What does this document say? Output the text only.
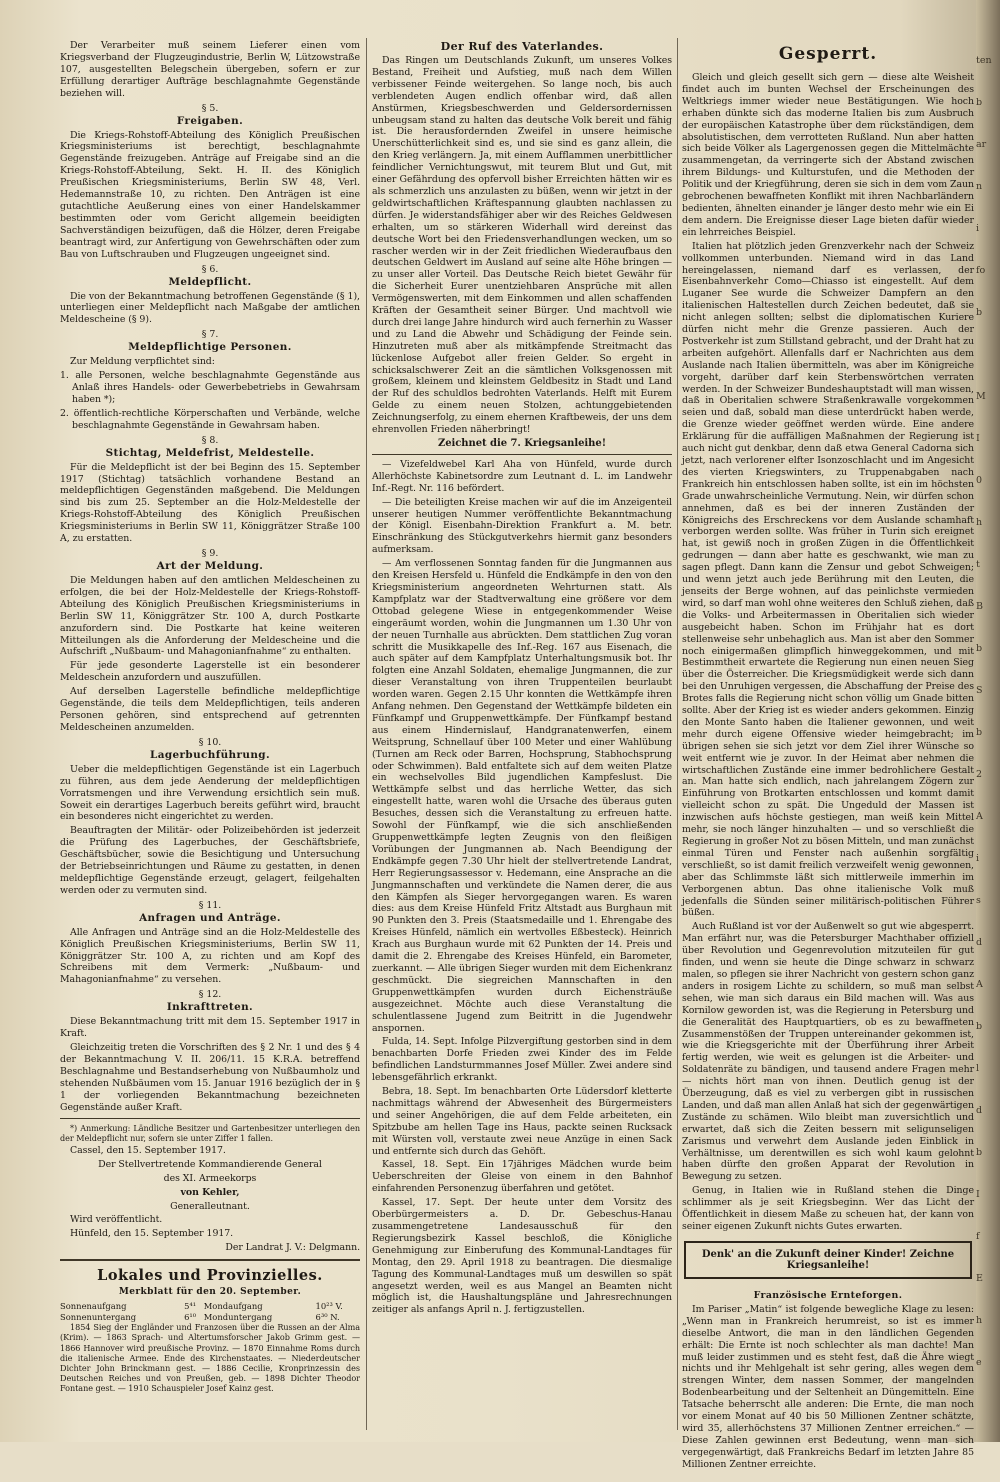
Der Verarbeiter muß seinem Lieferer einen vom Kriegsverband der Flugzeugindustrie, Berlin W, Lützowstraße 107, ausgestellten Belegschein übergeben, sofern er zur Erfüllung derartiger Aufträge beschlagnahmte Gegenstände beziehen will.

§ 5.
Freigaben.

Die Kriegs-Rohstoff-Abteilung des Königlich Preußischen Kriegsministeriums ist berechtigt, beschlagnahmte Gegenstände freizugeben. Anträge auf Freigabe sind an die Kriegs-Rohstoff-Abteilung, Sekt. H. II. des Königlich Preußischen Kriegsministeriums, Berlin SW 48, Verl. Hedemannstraße 10, zu richten. Den Anträgen ist eine gutachtliche Aeußerung eines von einer Handelskammer bestimmten oder vom Gericht allgemein beeidigten Sachverständigen beizufügen, daß die Hölzer, deren Freigabe beantragt wird, zur Anfertigung von Gewehrschäften oder zum Bau von Luftschrauben und Flugzeugen ungeeignet sind.

§ 6.
Meldepflicht.

Die von der Bekanntmachung betroffenen Gegenstände (§ 1), unterliegen einer Meldepflicht nach Maßgabe der amtlichen Meldescheine (§ 9).

§ 7.
Meldepflichtige Personen.

Zur Meldung verpflichtet sind:

1. alle Personen, welche beschlagnahmte Gegenstände aus Anlaß ihres Handels- oder Gewerbebetriebs in Gewahrsam haben *);

2. öffentlich-rechtliche Körperschaften und Verbände, welche beschlagnahmte Gegenstände in Gewahrsam haben.

§ 8.
Stichtag, Meldefrist, Meldestelle.

Für die Meldepflicht ist der bei Beginn des 15. September 1917 (Stichtag) tatsächlich vorhandene Bestand an meldepflichtigen Gegenständen maßgebend. Die Meldungen sind bis zum 25. September an die Holz-Meldestelle der Kriegs-Rohstoff-Abteilung des Königlich Preußischen Kriegsministeriums in Berlin SW 11, Königgrätzer Straße 100 A, zu erstatten.

§ 9.
Art der Meldung.

Die Meldungen haben auf den amtlichen Meldescheinen zu erfolgen, die bei der Holz-Meldestelle der Kriegs-Rohstoff-Abteilung des Königlich Preußischen Kriegsministeriums in Berlin SW 11, Königgrätzer Str. 100 A, durch Postkarte anzufordern sind. Die Postkarte hat keine weiteren Mitteilungen als die Anforderung der Meldescheine und die Aufschrift „Nußbaum- und Mahagonianfnahme“ zu enthalten.

Für jede gesonderte Lagerstelle ist ein besonderer Meldeschein anzufordern und auszufüllen.

Auf derselben Lagerstelle befindliche meldepflichtige Gegenstände, die teils dem Meldepflichtigen, teils anderen Personen gehören, sind entsprechend auf getrennten Meldescheinen anzumelden.

§ 10.
Lagerbuchführung.

Ueber die meldepflichtigen Gegenstände ist ein Lagerbuch zu führen, aus dem jede Aenderung der meldepflichtigen Vorratsmengen und ihre Verwendung ersichtlich sein muß. Soweit ein derartiges Lagerbuch bereits geführt wird, braucht ein besonderes nicht eingerichtet zu werden.

Beauftragten der Militär- oder Polizeibehörden ist jederzeit die Prüfung des Lagerbuches, der Geschäftsbriefe, Geschäftsbücher, sowie die Besichtigung und Untersuchung der Betriebseinrichtungen und Räume zu gestatten, in denen meldepflichtige Gegenstände erzeugt, gelagert, feilgehalten werden oder zu vermuten sind.

§ 11.
Anfragen und Anträge.

Alle Anfragen und Anträge sind an die Holz-Meldestelle des Königlich Preußischen Kriegsministeriums, Berlin SW 11, Königgrätzer Str. 100 A, zu richten und am Kopf des Schreibens mit dem Vermerk: „Nußbaum- und Mahagonianfnahme“ zu versehen.

§ 12.
Inkrafttreten.

Diese Bekanntmachung tritt mit dem 15. September 1917 in Kraft.

Gleichzeitig treten die Vorschriften des § 2 Nr. 1 und des § 4 der Bekanntmachung V. II. 206/11. 15 K.R.A. betreffend Beschlagnahme und Bestandserhebung von Nußbaumholz und stehenden Nußbäumen vom 15. Januar 1916 bezüglich der in § 1 der vorliegenden Bekanntmachung bezeichneten Gegenstände außer Kraft.

*) Anmerkung: Ländliche Besitzer und Gartenbesitzer unterliegen den der Meldepflicht nur, sofern sie unter Ziffer 1 fallen.

Cassel, den 15. September 1917.

Der Stellvertretende Kommandierende General

des XI. Armeekorps

von Kehler,

Generalleutnant.

Wird veröffentlicht.

Hünfeld, den 15. September 1917.

Der Landrat J. V.: Delgmann.

Lokales und Provinzielles.
Merkblatt für den 20. September.
Sonnenaufgang	5⁴¹	Mondaufgang	10²³ V.
Sonnenuntergang	6¹⁰	Monduntergang	6³⁰ N.

1854 Sieg der Engländer und Franzosen über die Russen an der Alma (Krim). — 1863 Sprach- und Altertumsforscher Jakob Grimm gest. — 1866 Hannover wird preußische Provinz. — 1870 Einnahme Roms durch die italienische Armee. Ende des Kirchenstaates. — Niederdeutscher Dichter John Brinckmann gest. — 1886 Cecilie, Kronprinzessin des Deutschen Reiches und von Preußen, geb. — 1898 Dichter Theodor Fontane gest. — 1910 Schauspieler Josef Kainz gest.

Der Ruf des Vaterlandes.

Das Ringen um Deutschlands Zukunft, um unseres Volkes Bestand, Freiheit und Aufstieg, muß nach dem Willen verbissener Feinde weitergehen. So lange noch, bis auch verblendeten Augen endlich offenbar wird, daß allen Anstürmen, Kriegsbeschwerden und Geldersordernissen unbeugsam stand zu halten das deutsche Volk bereit und fähig ist. Die herausfordernden Zweifel in unsere heimische Unerschütterlichkeit sind es, und sie sind es ganz allein, die den Krieg verlängern. Ja, mit einem Aufflammen unerbittlicher feindlicher Vernichtungswut, mit teurem Blut und Gut, mit einer Gefährdung des opfervoll bisher Erreichten hätten wir es als schmerzlich uns anzulasten zu büßen, wenn wir jetzt in der geldwirtschaftlichen Kräftespannung glaubten nachlassen zu dürfen. Je widerstandsfähiger aber wir des Reiches Geldwesen erhalten, um so stärkeren Widerhall wird dereinst das deutsche Wort bei den Friedensverhandlungen wecken, um so rascher werden wir in der Zeit friedlichen Wiederaufbaus den deutschen Geldwert im Ausland auf seine alte Höhe bringen — zu unser aller Vorteil. Das Deutsche Reich bietet Gewähr für die Sicherheit Eurer unentziehbaren Ansprüche mit allen Vermögenswerten, mit dem Einkommen und allen schaffenden Kräften der Gesamtheit seiner Bürger. Und machtvoll wie durch drei lange Jahre hindurch wird auch fernerhin zu Wasser und zu Land die Abwehr und Schädigung der Feinde sein. Hinzutreten muß aber als mitkämpfende Streitmacht das lückenlose Aufgebot aller freien Gelder. So ergeht in schicksalschwerer Zeit an die sämtlichen Volksgenossen mit großem, kleinem und kleinstem Geldbesitz in Stadt und Land der Ruf des schuldlos bedrohten Vaterlands. Helft mit Eurem Gelde zu einem neuen Stolzen, achtunggebietenden Zeichnungserfolg, zu einem ehernen Kraftbeweis, der uns dem ehrenvollen Frieden näherbringt!

Zeichnet die 7. Kriegsanleihe!

— Vizefeldwebel Karl Aha von Hünfeld, wurde durch Allerhöchste Kabinetsordre zum Leutnant d. L. im Landwehr Inf.-Regt. Nr. 116 befördert.

— Die beteiligten Kreise machen wir auf die im Anzeigenteil unserer heutigen Nummer veröffentlichte Bekanntmachung der Königl. Eisenbahn-Direktion Frankfurt a. M. betr. Einschränkung des Stückgutverkehrs hiermit ganz besonders aufmerksam.

— Am verflossenen Sonntag fanden für die Jungmannen aus den Kreisen Hersfeld u. Hünfeld die Endkämpfe in den von den Kriegsministerium angeordneten Wehrturnen statt. Als Kampfplatz war der Stadtverwaltung eine größere vor dem Ottobad gelegene Wiese in entgegenkommender Weise eingeräumt worden, wohin die Jungmannen um 1.30 Uhr von der neuen Turnhalle aus abrückten. Dem stattlichen Zug voran schritt die Musikkapelle des Inf.-Reg. 167 aus Eisenach, die auch später auf dem Kampfplatz Unterhaltungsmusik bot. Ihr folgten eine Anzahl Soldaten, ehemalige Jungmannen, die zur dieser Veranstaltung von ihren Truppenteilen beurlaubt worden waren. Gegen 2.15 Uhr konnten die Wettkämpfe ihren Anfang nehmen. Den Gegenstand der Wettkämpfe bildeten ein Fünfkampf und Gruppenwettkämpfe. Der Fünfkampf bestand aus einem Hindernislauf, Handgranatenwerfen, einem Weitsprung, Schnellauf über 100 Meter und einer Wahlübung (Turnen am Reck oder Barren, Hochsprung, Stabhochsprung oder Schwimmen). Bald entfaltete sich auf dem weiten Platze ein wechselvolles Bild jugendlichen Kampfeslust. Die Wettkämpfe selbst und das herrliche Wetter, das sich eingestellt hatte, waren wohl die Ursache des überaus guten Besuches, dessen sich die Veranstaltung zu erfreuen hatte. Sowohl der Fünfkampf, wie die sich anschließenden Gruppenwettkämpfe legten Zeugnis von den fleißigen Vorübungen der Jungmannen ab. Nach Beendigung der Endkämpfe gegen 7.30 Uhr hielt der stellvertretende Landrat, Herr Regierungsassessor v. Hedemann, eine Ansprache an die Jungmannschaften und verkündete die Namen derer, die aus den Kämpfen als Sieger hervorgegangen waren. Es waren dies: aus dem Kreise Hünfeld Fritz Altstadt aus Burghaun mit 90 Punkten den 3. Preis (Staatsmedaille und 1. Ehrengabe des Kreises Hünfeld, nämlich ein wertvolles Eßbesteck). Heinrich Krach aus Burghaun wurde mit 62 Punkten der 14. Preis und damit die 2. Ehrengabe des Kreises Hünfeld, ein Barometer, zuerkannt. — Alle übrigen Sieger wurden mit dem Eichenkranz geschmückt. Die siegreichen Mannschaften in den Gruppenwettkämpfen wurden durch Eichensträuße ausgezeichnet. Möchte auch diese Veranstaltung die schulentlassene Jugend zum Beitritt in die Jugendwehr anspornen.

Fulda, 14. Sept. Infolge Pilzvergiftung gestorben sind in dem benachbarten Dorfe Frieden zwei Kinder des im Felde befindlichen Landsturmmannes Josef Müller. Zwei andere sind lebensgefährlich erkrankt.

Bebra, 18. Sept. Im benachbarten Orte Lüdersdorf kletterte nachmittags während der Abwesenheit des Bürgermeisters und seiner Angehörigen, die auf dem Felde arbeiteten, ein Spitzbube am hellen Tage ins Haus, packte seinen Rucksack mit Würsten voll, verstaute zwei neue Anzüge in einen Sack und entfernte sich durch das Gehöft.

Kassel, 18. Sept. Ein 17jähriges Mädchen wurde beim Ueberschreiten der Gleise von einem in den Bahnhof einfahrenden Personenzug überfahren und getötet.

Kassel, 17. Sept. Der heute unter dem Vorsitz des Oberbürgermeisters a. D. Dr. Gebeschus-Hanau zusammengetretene Landesausschuß für den Regierungsbezirk Kassel beschloß, die Königliche Genehmigung zur Einberufung des Kommunal-Landtages für Montag, den 29. April 1918 zu beantragen. Die diesmalige Tagung des Kommunal-Landtages muß um deswillen so spät angesetzt werden, weil es aus Mangel an Beamten nicht möglich ist, die Haushaltungspläne und Jahresrechnungen zeitiger als anfangs April n. J. fertigzustellen.

Gesperrt.

Gleich und gleich gesellt sich gern — diese alte Weisheit findet auch im bunten Wechsel der Erscheinungen des Weltkriegs immer wieder neue Bestätigungen. Wie hoch erhaben dünkte sich das moderne Italien bis zum Ausbruch der europäischen Katastrophe über dem rückständigen, dem absolutistischen, dem verrotteten Rußland. Nun aber hatten sich beide Völker als Lagergenossen gegen die Mittelmächte zusammengetan, da verringerte sich der Abstand zwischen ihrem Bildungs- und Kulturstufen, und die Methoden der Politik und der Kriegführung, deren sie sich in dem vom Zaun gebrochenen bewaffneten Konflikt mit ihren Nachbarländern bedienten, ähnelten einander je länger desto mehr wie ein Ei dem andern. Die Ereignisse dieser Lage bieten dafür wieder ein lehrreiches Beispiel.

Italien hat plötzlich jeden Grenzverkehr nach der Schweiz vollkommen unterbunden. Niemand wird in das Land hereingelassen, niemand darf es verlassen, der Eisenbahnverkehr Como—Chiasso ist eingestellt. Auf dem Luganer See wurde die Schweizer Dampfern an den italienischen Haltestellen durch Zeichen bedeutet, daß sie nicht anlegen sollten; selbst die diplomatischen Kuriere dürfen nicht mehr die Grenze passieren. Auch der Postverkehr ist zum Stillstand gebracht, und der Draht hat zu arbeiten aufgehört. Allenfalls darf er Nachrichten aus dem Auslande nach Italien übermitteln, was aber im Königreiche vorgeht, darüber darf kein Sterbenswörtchen verraten werden. In der Schweizer Bundeshauptstadt will man wissen, daß in Oberitalien schwere Straßenkrawalle vorgekommen seien und daß, sobald man diese unterdrückt haben werde, die Grenze wieder geöffnet werden würde. Eine andere Erklärung für die auffälligen Maßnahmen der Regierung ist auch nicht gut denkbar, denn daß etwa General Cadorna sich jetzt, nach verlorener elfter Isonzoschlacht und im Angesicht des vierten Kriegswinters, zu Truppenabgaben nach Frankreich hin entschlossen haben sollte, ist ein im höchsten Grade unwahrscheinliche Vermutung. Nein, wir dürfen schon annehmen, daß es bei der inneren Zuständen der Königreichs des Erschreckens vor dem Auslande schamhaft verborgen werden sollte. Was früher in Turin sich ereignet hat, ist gewiß noch in großen Zügen in die Öffentlichkeit gedrungen — dann aber hatte es geschwankt, wie man zu sagen pflegt. Dann kann die Zensur und gebot Schweigen; und wenn jetzt auch jede Berührung mit den Leuten, die jenseits der Berge wohnen, auf das peinlichste vermieden wird, so darf man wohl ohne weiteres den Schluß ziehen, daß die Volks- und Arbeitermassen in Oberitalien sich wieder ausgebeicht haben. Schon im Frühjahr hat es dort stellenweise sehr unbehaglich aus. Man ist aber den Sommer noch einigermaßen glimpflich hinweggekommen, und mit Bestimmtheit erwartete die Regierung nun einen neuen Sieg über die Österreicher. Die Kriegsmüdigkeit werde sich dann bei den Unruhigen vergessen, die Abschaffung der Preise des Brotes falls die Regierung nicht schon völlig um Gnade bitten sollte. Aber der Krieg ist es wieder anders gekommen. Einzig den Monte Santo haben die Italiener gewonnen, und weit mehr durch eigene Offensive wieder heimgebracht; im übrigen sehen sie sich jetzt vor dem Ziel ihrer Wünsche so weit entfernt wie je zuvor. In der Heimat aber nehmen die wirtschaftlichen Zustände eine immer bedrohlichere Gestalt an. Man hatte sich endlich, nach jahrelangem Zögern zur Einführung von Brotkarten entschlossen und kommt damit vielleicht schon zu spät. Die Ungeduld der Massen ist inzwischen aufs höchste gestiegen, man weiß kein Mittel mehr, sie noch länger hinzuhalten — und so verschließt die Regierung in großer Not zu bösen Mitteln, und man zunächst einmal Türen und Fenster nach außenhin sorgfältig verschließt, so ist damit freilich verzweifelt wenig gewonnen, aber das Schlimmste läßt sich mittlerweile immerhin im Verborgenen abtun. Das ohne italienische Volk muß jedenfalls die Sünden seiner militärisch-politischen Führer büßen.

Auch Rußland ist vor der Außenwelt so gut wie abgesperrt. Man erfährt nur, was die Petersburger Machthaber offiziell über Revolution und Gegenrevolution mitzuteilen für gut finden, und wenn sie heute die Dinge schwarz in schwarz malen, so pflegen sie ihrer Nachricht von gestern schon ganz anders in rosigem Lichte zu schildern, so muß man selbst sehen, wie man sich daraus ein Bild machen will. Was aus Kornilow geworden ist, was die Regierung in Petersburg und die Generalität des Hauptquartiers, ob es zu bewaffneten Zusammenstößen der Truppen untereinander gekommen ist, wie die Kriegsgerichte mit der Überführung ihrer Arbeit fertig werden, wie weit es gelungen ist die Arbeiter- und Soldatenräte zu bändigen, und tausend andere Fragen mehr — nichts hört man von ihnen. Deutlich genug ist der Überzeugung, daß es viel zu verbergen gibt in russischen Landen, und daß man allen Anlaß hat sich der gegenwärtigen Zustände zu schämen. Wilo bleibt man zuversichtlich und erwartet, daß sich die Zeiten bessern mit seligunseligen Zarismus und verwehrt dem Auslande jeden Einblick in Verhältnisse, um derentwillen es sich wohl kaum gelohnt haben dürfte den großen Apparat der Revolution in Bewegung zu setzen.

Genug, in Italien wie in Rußland stehen die Dinge schlimmer als je seit Kriegsbeginn. Wer das Licht der Öffentlichkeit in diesem Maße zu scheuen hat, der kann von seiner eigenen Zukunft nichts Gutes erwarten.

Denk' an die Zukunft deiner Kinder! Zeichne Kriegsanleihe!
Französische Ernteforgen.

Im Pariser „Matin“ ist folgende bewegliche Klage zu lesen: „Wenn man in Frankreich herumreist, so ist es immer dieselbe Antwort, die man in den ländlichen Gegenden erhält: Die Ernte ist noch schlechter als man dachte! Man muß leider zustimmen und es steht fest, daß die Ähre wiegt nichts und ihr Mehlgehalt ist sehr gering, alles wegen dem strengen Winter, dem nassen Sommer, der mangelnden Bodenbearbeitung und der Seltenheit an Düngemitteln. Eine Tatsache beherrscht alle anderen: Die Ernte, die man noch vor einem Monat auf 40 bis 50 Millionen Zentner schätzte, wird 35, allerhöchstens 37 Millionen Zentner erreichen.“ — Diese Zahlen gewinnen erst Bedeutung, wenn man sich vergegenwärtigt, daß Frankreichs Bedarf im letzten Jahre 85 Millionen Zentner erreichte.

ten
b
ar
n
i
fo
b

M
I
0
h
t
B
b
S
b
2
A
i
s
d
A
b
l
d
b
I
f
E
h
e
